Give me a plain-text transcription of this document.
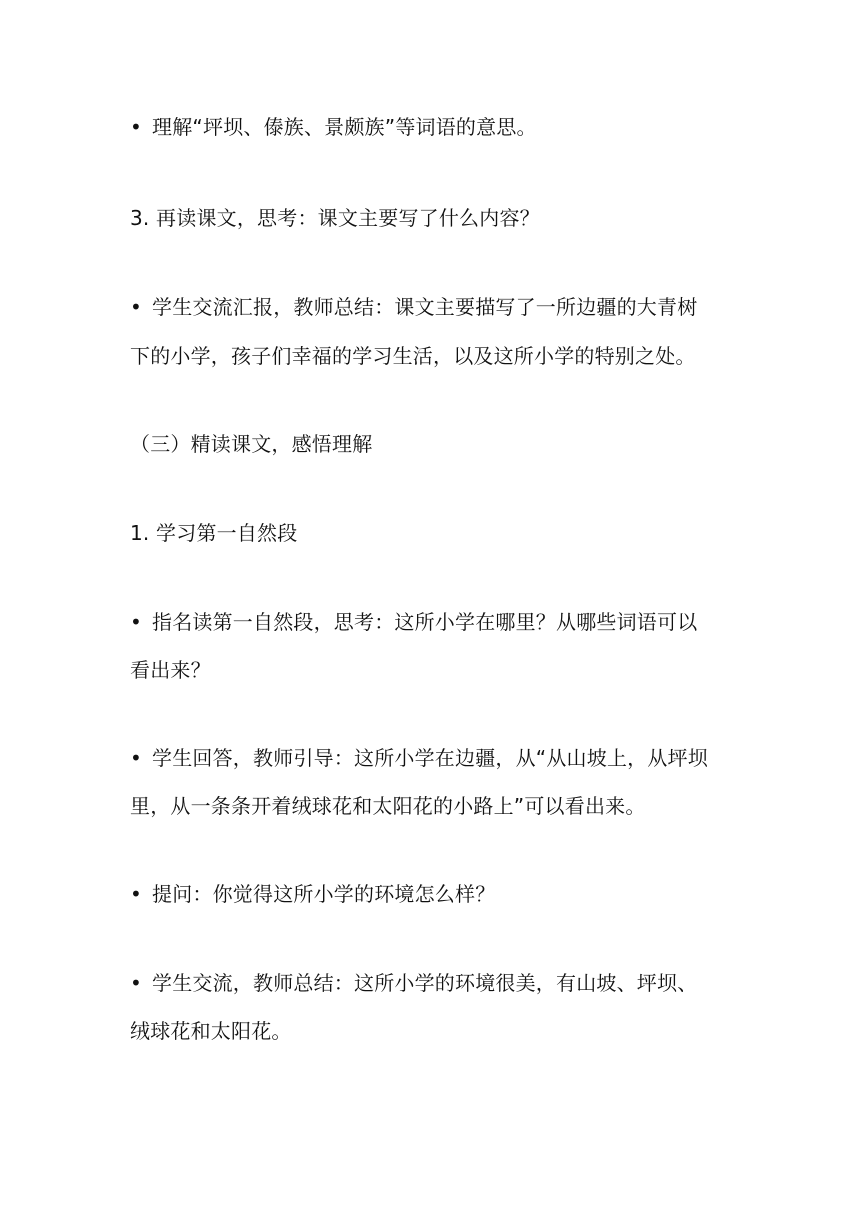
• 理解“坪坝、傣族、景颇族”等词语的意思。
3. 再读课文，思考：课文主要写了什么内容？
• 学生交流汇报，教师总结：课文主要描写了一所边疆的大青树
下的小学，孩子们幸福的学习生活，以及这所小学的特别之处。
（三）精读课文，感悟理解
1. 学习第一自然段
• 指名读第一自然段，思考：这所小学在哪里？从哪些词语可以
看出来？
• 学生回答，教师引导：这所小学在边疆，从“从山坡上，从坪坝
里，从一条条开着绒球花和太阳花的小路上”可以看出来。
• 提问：你觉得这所小学的环境怎么样？
• 学生交流，教师总结：这所小学的环境很美，有山坡、坪坝、
绒球花和太阳花。
